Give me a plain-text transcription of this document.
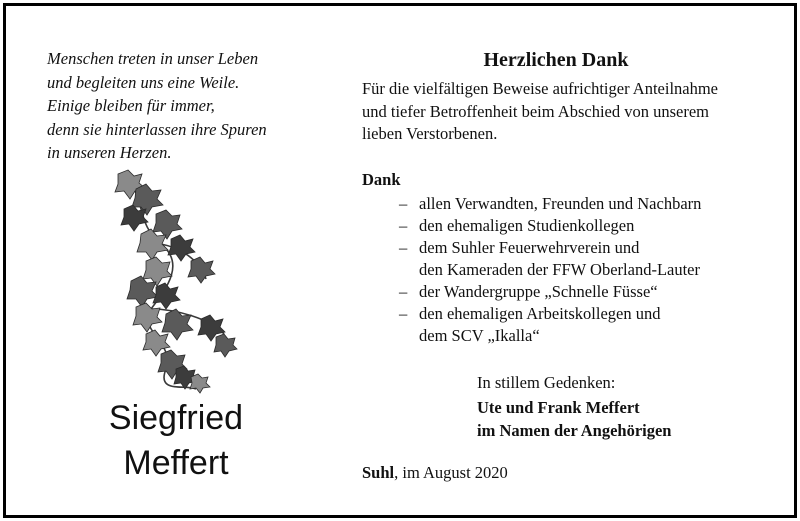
Menschen treten in unser Leben
und begleiten uns eine Weile.
Einige bleiben für immer,
denn sie hinterlassen ihre Spuren
in unseren Herzen.
Siegfried
Meffert
Herzlichen Dank
Für die vielfältigen Beweise aufrichtiger Anteilnahme
und tiefer Betroffenheit beim Abschied von unserem
lieben Verstorbenen.
Dank
– allen Verwandten, Freunden und Nachbarn
– den ehemaligen Studienkollegen
– dem Suhler Feuerwehrverein und
den Kameraden der FFW Oberland-Lauter
– der Wandergruppe „Schnelle Füsse“
– den ehemaligen Arbeitskollegen und
dem SCV „Ikalla“
In stillem Gedenken:
Ute und Frank Meffert
im Namen der Angehörigen
Suhl, im August 2020
